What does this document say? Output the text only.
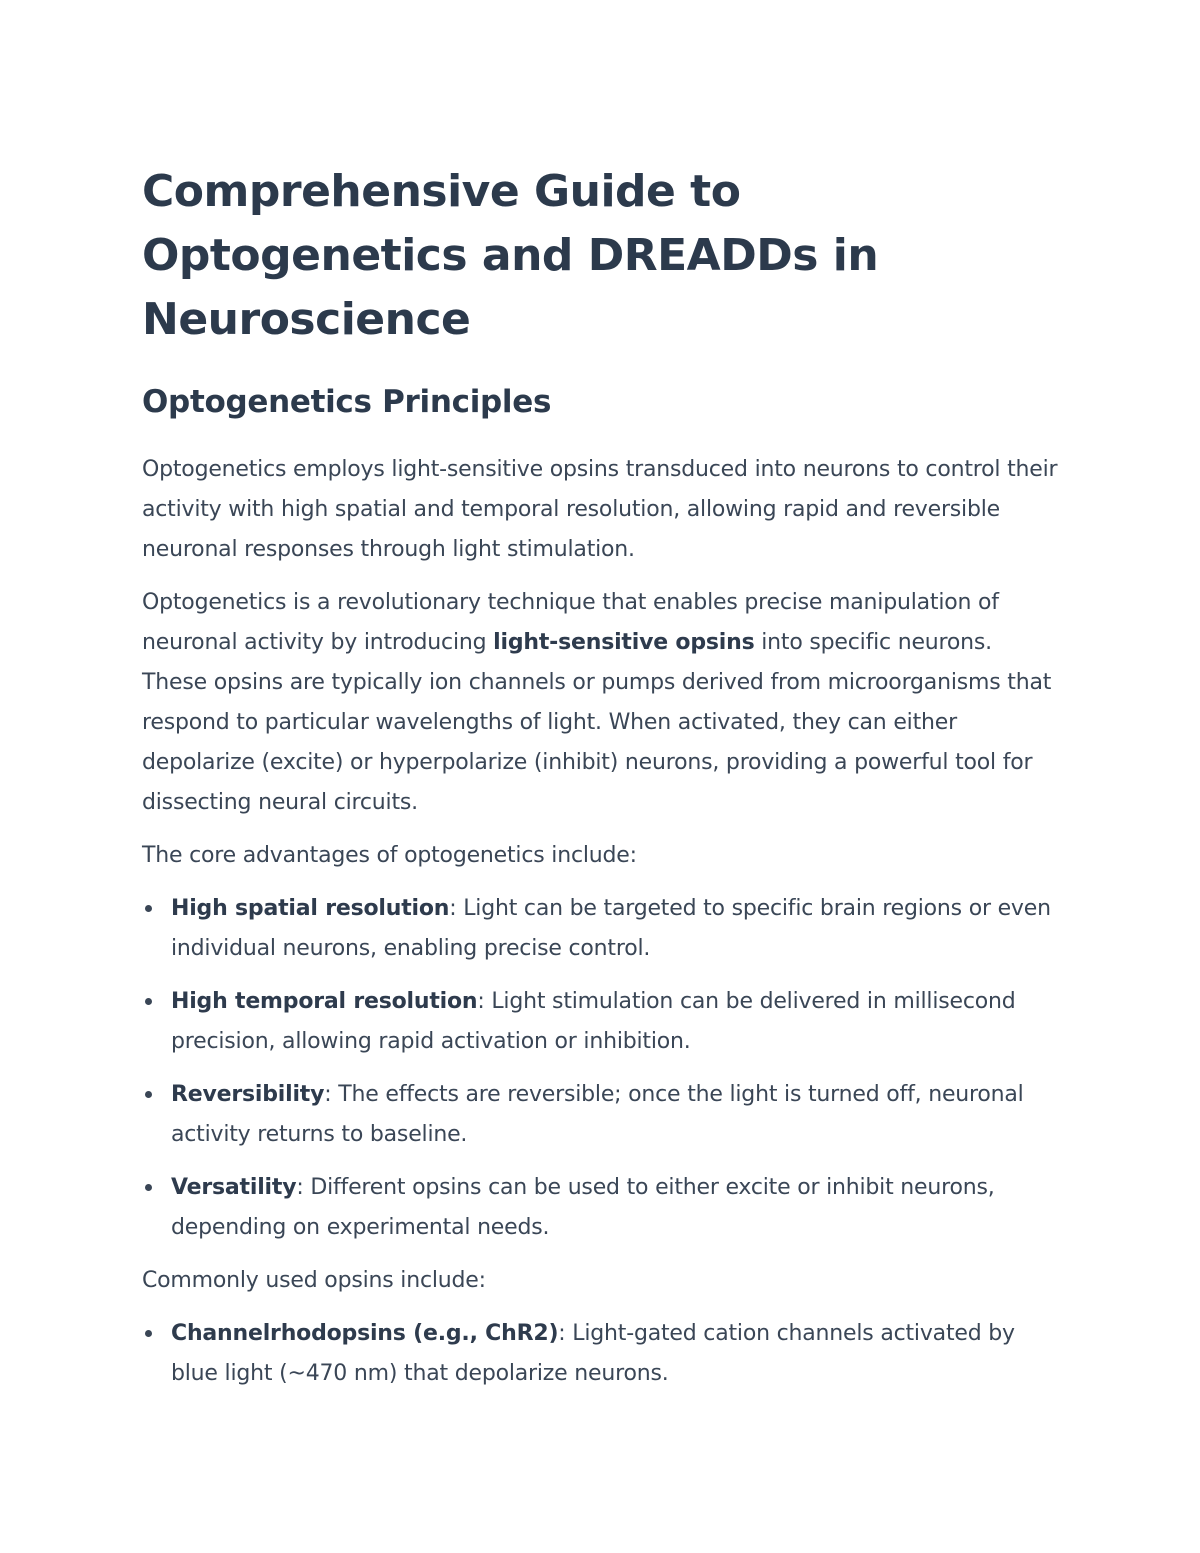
Comprehensive Guide to Optogenetics and DREADDs in Neuroscience
Optogenetics Principles

Optogenetics employs light-sensitive opsins transduced into neurons to control their activity with high spatial and temporal resolution, allowing rapid and reversible neuronal responses through light stimulation.

Optogenetics is a revolutionary technique that enables precise manipulation of neuronal activity by introducing light-sensitive opsins into specific neurons. These opsins are typically ion channels or pumps derived from microorganisms that respond to particular wavelengths of light. When activated, they can either depolarize (excite) or hyperpolarize (inhibit) neurons, providing a powerful tool for dissecting neural circuits.

The core advantages of optogenetics include:

High spatial resolution: Light can be targeted to specific brain regions or even individual neurons, enabling precise control.
High temporal resolution: Light stimulation can be delivered in millisecond precision, allowing rapid activation or inhibition.
Reversibility: The effects are reversible; once the light is turned off, neuronal activity returns to baseline.
Versatility: Different opsins can be used to either excite or inhibit neurons, depending on experimental needs.

Commonly used opsins include:

Channelrhodopsins (e.g., ChR2): Light-gated cation channels activated by blue light (~470 nm) that depolarize neurons.
